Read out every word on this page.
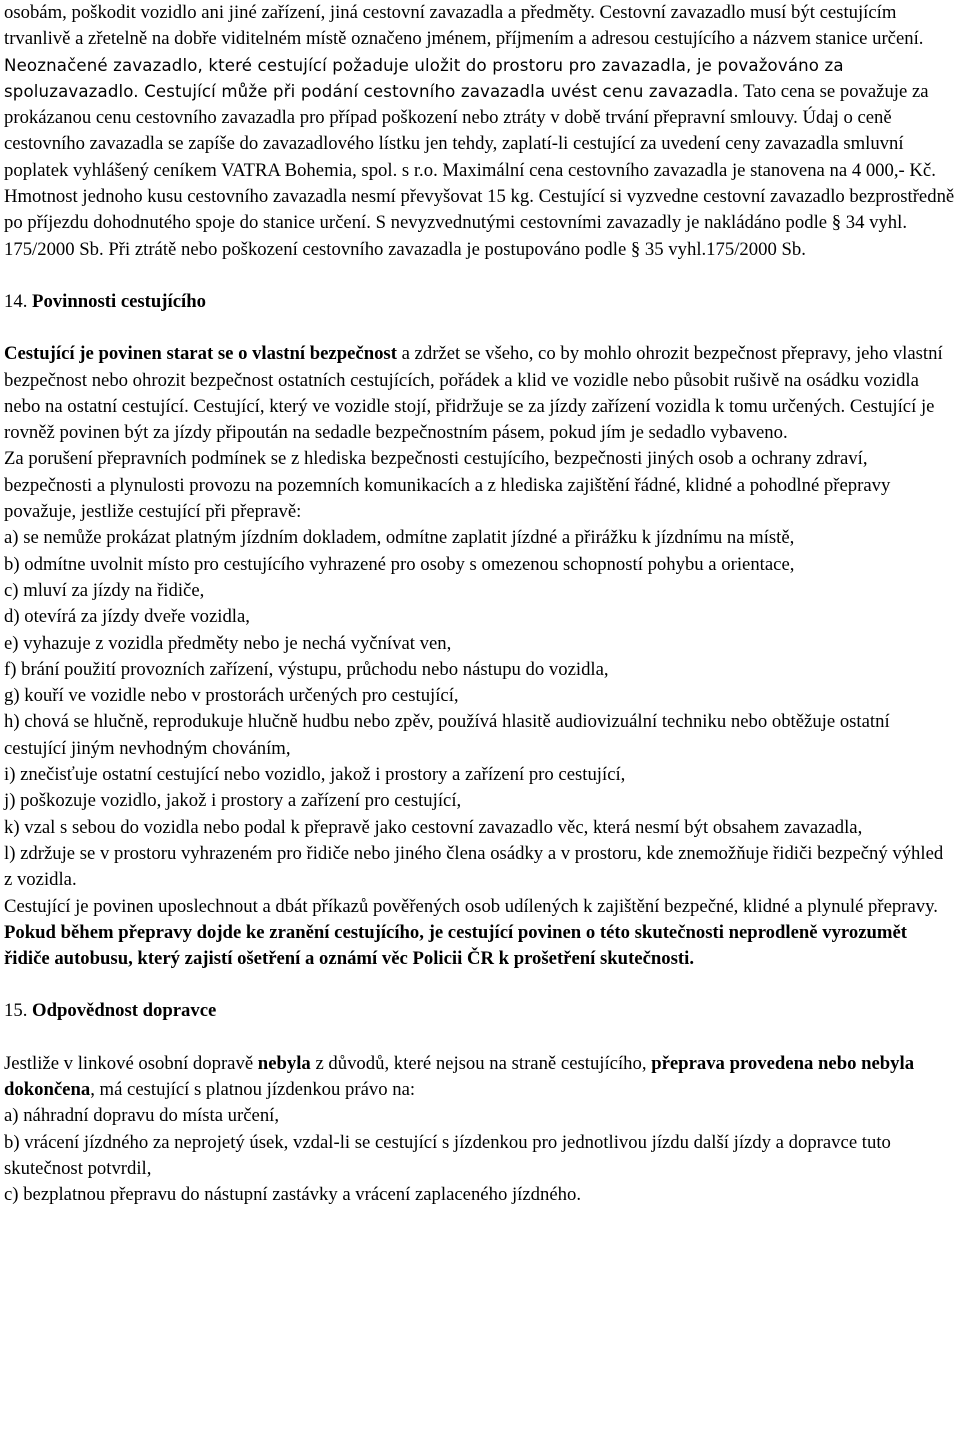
osobám, poškodit vozidlo ani jiné zařízení, jiná cestovní zavazadla a předměty. Cestovní zavazadlo musí být cestujícím trvanlivě a zřetelně na dobře viditelném místě označeno jménem, příjmením a adresou cestujícího a názvem stanice určení. Neoznačené zavazadlo, které cestující požaduje uložit do prostoru pro zavazadla, je považováno za spoluzavazadlo. Cestující může při podání cestovního zavazadla uvést cenu zavazadla. Tato cena se považuje za prokázanou cenu cestovního zavazadla pro případ poškození nebo ztráty v době trvání přepravní smlouvy. Údaj o ceně cestovního zavazadla se zapíše do zavazadlového lístku jen tehdy, zaplatí-li cestující za uvedení ceny zavazadla smluvní poplatek vyhlášený ceníkem VATRA Bohemia, spol. s r.o. Maximální cena cestovního zavazadla je stanovena na 4 000,- Kč. Hmotnost jednoho kusu cestovního zavazadla nesmí převyšovat 15 kg. Cestující si vyzvedne cestovní zavazadlo bezprostředně po příjezdu dohodnutého spoje do stanice určení. S nevyzvednutými cestovními zavazadly je nakládáno podle § 34 vyhl. 175/2000 Sb. Při ztrátě nebo poškození cestovního zavazadla je postupováno podle § 35 vyhl.175/2000 Sb.

14. Povinnosti cestujícího

Cestující je povinen starat se o vlastní bezpečnost a zdržet se všeho, co by mohlo ohrozit bezpečnost přepravy, jeho vlastní bezpečnost nebo ohrozit bezpečnost ostatních cestujících, pořádek a klid ve vozidle nebo působit rušivě na osádku vozidla nebo na ostatní cestující. Cestující, který ve vozidle stojí, přidržuje se za jízdy zařízení vozidla k tomu určených. Cestující je rovněž povinen být za jízdy připoután na sedadle bezpečnostním pásem, pokud jím je sedadlo vybaveno.

Za porušení přepravních podmínek se z hlediska bezpečnosti cestujícího, bezpečnosti jiných osob a ochrany zdraví, bezpečnosti a plynulosti provozu na pozemních komunikacích a z hlediska zajištění řádné, klidné a pohodlné přepravy považuje, jestliže cestující při přepravě:

a) se nemůže prokázat platným jízdním dokladem, odmítne zaplatit jízdné a přirážku k jízdnímu na místě,

b) odmítne uvolnit místo pro cestujícího vyhrazené pro osoby s omezenou schopností pohybu a orientace,

c) mluví za jízdy na řidiče,

d) otevírá za jízdy dveře vozidla,

e) vyhazuje z vozidla předměty nebo je nechá vyčnívat ven,

f) brání použití provozních zařízení, výstupu, průchodu nebo nástupu do vozidla,

g) kouří ve vozidle nebo v prostorách určených pro cestující,

h) chová se hlučně, reprodukuje hlučně hudbu nebo zpěv, používá hlasitě audiovizuální techniku nebo obtěžuje ostatní cestující jiným nevhodným chováním,

i) znečisťuje ostatní cestující nebo vozidlo, jakož i prostory a zařízení pro cestující,

j) poškozuje vozidlo, jakož i prostory a zařízení pro cestující,

k) vzal s sebou do vozidla nebo podal k přepravě jako cestovní zavazadlo věc, která nesmí být obsahem zavazadla,

l) zdržuje se v prostoru vyhrazeném pro řidiče nebo jiného člena osádky a v prostoru, kde znemožňuje řidiči bezpečný výhled z vozidla.

Cestující je povinen uposlechnout a dbát příkazů pověřených osob udílených k zajištění bezpečné, klidné a plynulé přepravy.

Pokud během přepravy dojde ke zranění cestujícího, je cestující povinen o této skutečnosti neprodleně vyrozumět řidiče autobusu, který zajistí ošetření a oznámí věc Policii ČR k prošetření skutečnosti.

15. Odpovědnost dopravce

Jestliže v linkové osobní dopravě nebyla z důvodů, které nejsou na straně cestujícího, přeprava provedena nebo nebyla dokončena, má cestující s platnou jízdenkou právo na:

a) náhradní dopravu do místa určení,

b) vrácení jízdného za neprojetý úsek, vzdal-li se cestující s jízdenkou pro jednotlivou jízdu další jízdy a dopravce tuto skutečnost potvrdil,

c) bezplatnou přepravu do nástupní zastávky a vrácení zaplaceného jízdného.
